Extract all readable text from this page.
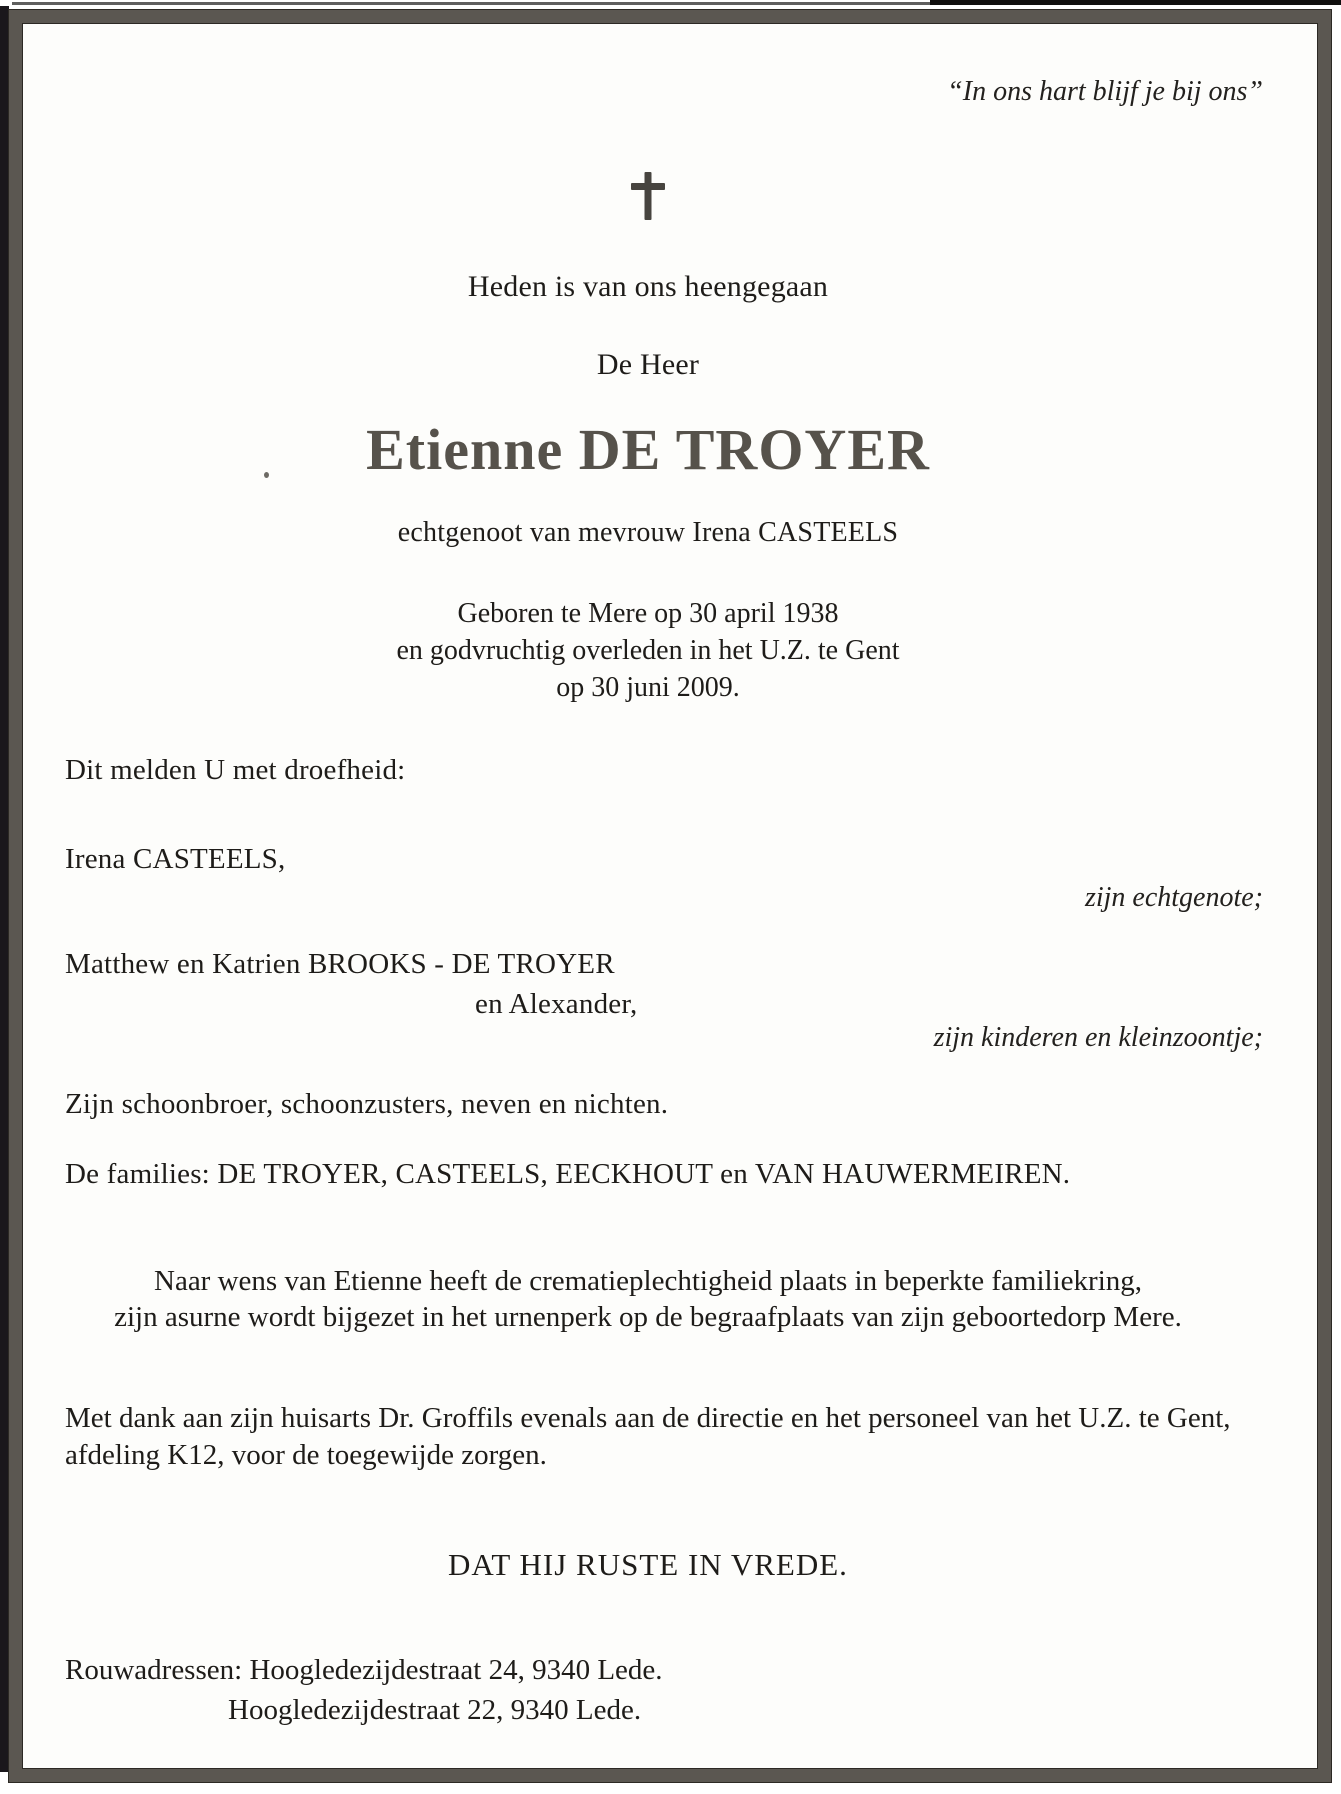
“In ons hart blijf je bij ons”
Heden is van ons heengegaan
De Heer
Etienne DE TROYER
echtgenoot van mevrouw Irena CASTEELS
Geboren te Mere op 30 april 1938
en godvruchtig overleden in het U.Z. te Gent
op 30 juni 2009.
Dit melden U met droefheid:
Irena CASTEELS,
zijn echtgenote;
Matthew en Katrien BROOKS - DE TROYER
en Alexander,
zijn kinderen en kleinzoontje;
Zijn schoonbroer, schoonzusters, neven en nichten.
De families: DE TROYER, CASTEELS, EECKHOUT en VAN HAUWERMEIREN.
Naar wens van Etienne heeft de crematieplechtigheid plaats in beperkte familiekring,
zijn asurne wordt bijgezet in het urnenperk op de begraafplaats van zijn geboortedorp Mere.
Met dank aan zijn huisarts Dr. Groffils evenals aan de directie en het personeel van het U.Z. te Gent,
afdeling K12, voor de toegewijde zorgen.
DAT HIJ RUSTE IN VREDE.
Rouwadressen: Hoogledezijdestraat 24, 9340 Lede.
Hoogledezijdestraat 22, 9340 Lede.
